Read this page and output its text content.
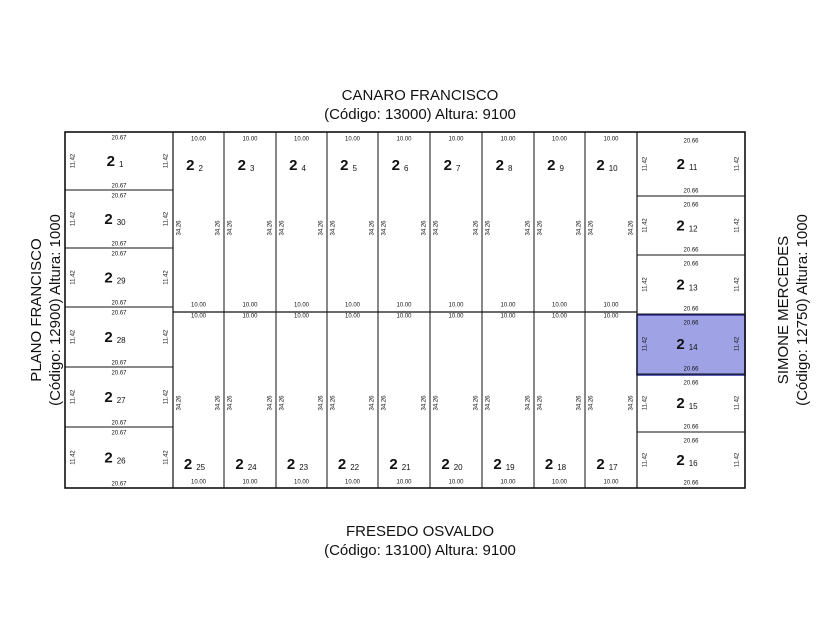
CANARO FRANCISCO
(Código: 13000) Altura: 9100
FRESEDO OSVALDO
(Código: 13100) Altura: 9100
PLANO FRANCISCO (Código: 12900) Altura: 1000	SIMONE MERCEDES (Código: 12750) Altura: 1000
2 1
20.67
20.67
11.42	11.42
2 30
20.67
20.67
11.42	11.42
2 29
20.67
20.67
11.42	11.42
2 28
20.67
20.67
11.42	11.42
2 27
20.67
20.67
11.42	11.42
2 26
20.67
20.67
11.42	11.42
2 11
20.66
20.66
11.42	11.42
2 12
20.66
20.66
11.42	11.42
2 13
20.66
20.66
11.42	11.42
2 14
20.66
20.66
11.42	11.42
2 15
20.66
20.66
11.42	11.42
2 16
20.66
20.66
11.42	11.42
2 2
10.00
10.00
34.26	34.26
2 3
10.00
10.00
34.26	34.26
2 4
10.00
10.00
34.26	34.26
2 5
10.00
10.00
34.26	34.26
2 6
10.00
10.00
34.26	34.26
2 7
10.00
10.00
34.26	34.26
2 8
10.00
10.00
34.26	34.26
2 9
10.00
10.00
34.26	34.26
2 10
10.00
10.00
34.26	34.26
2 25
10.00
10.00
34.26	34.26
2 24
10.00
10.00
34.26	34.26
2 23
10.00
10.00
34.26	34.26
2 22
10.00
10.00
34.26	34.26
2 21
10.00
10.00
34.26	34.26
2 20
10.00
10.00
34.26	34.26
2 19
10.00
10.00
34.26	34.26
2 18
10.00
10.00
34.26	34.26
2 17
10.00
10.00
34.26	34.26
